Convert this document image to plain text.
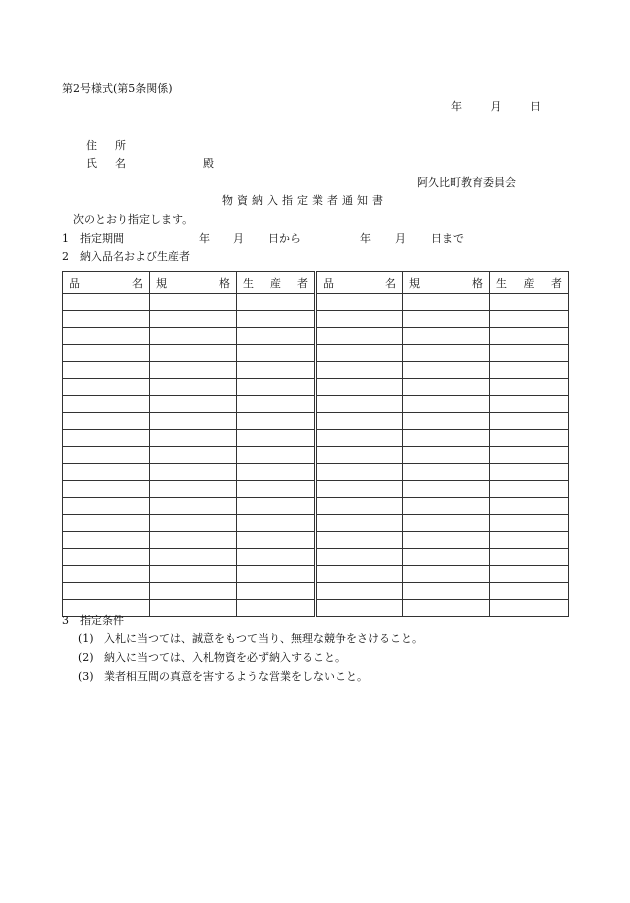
第2号様式(第5条関係)
年	月	日
住 所
氏 名	殿
阿久比町教育委員会
物資納入指定業者通知書
次のとおり指定します。
1 指定期間	年 月 日から	年 月 日まで
2　納入品名および生産者
品 名	規 格	生 産 者	品 名	規 格	生 産 者

3　指定条件
(1) 入札に当つては、誠意をもつて当り、無理な競争をさけること。
(2) 納入に当つては、入札物資を必ず納入すること。
(3) 業者相互間の真意を害するような営業をしないこと。
